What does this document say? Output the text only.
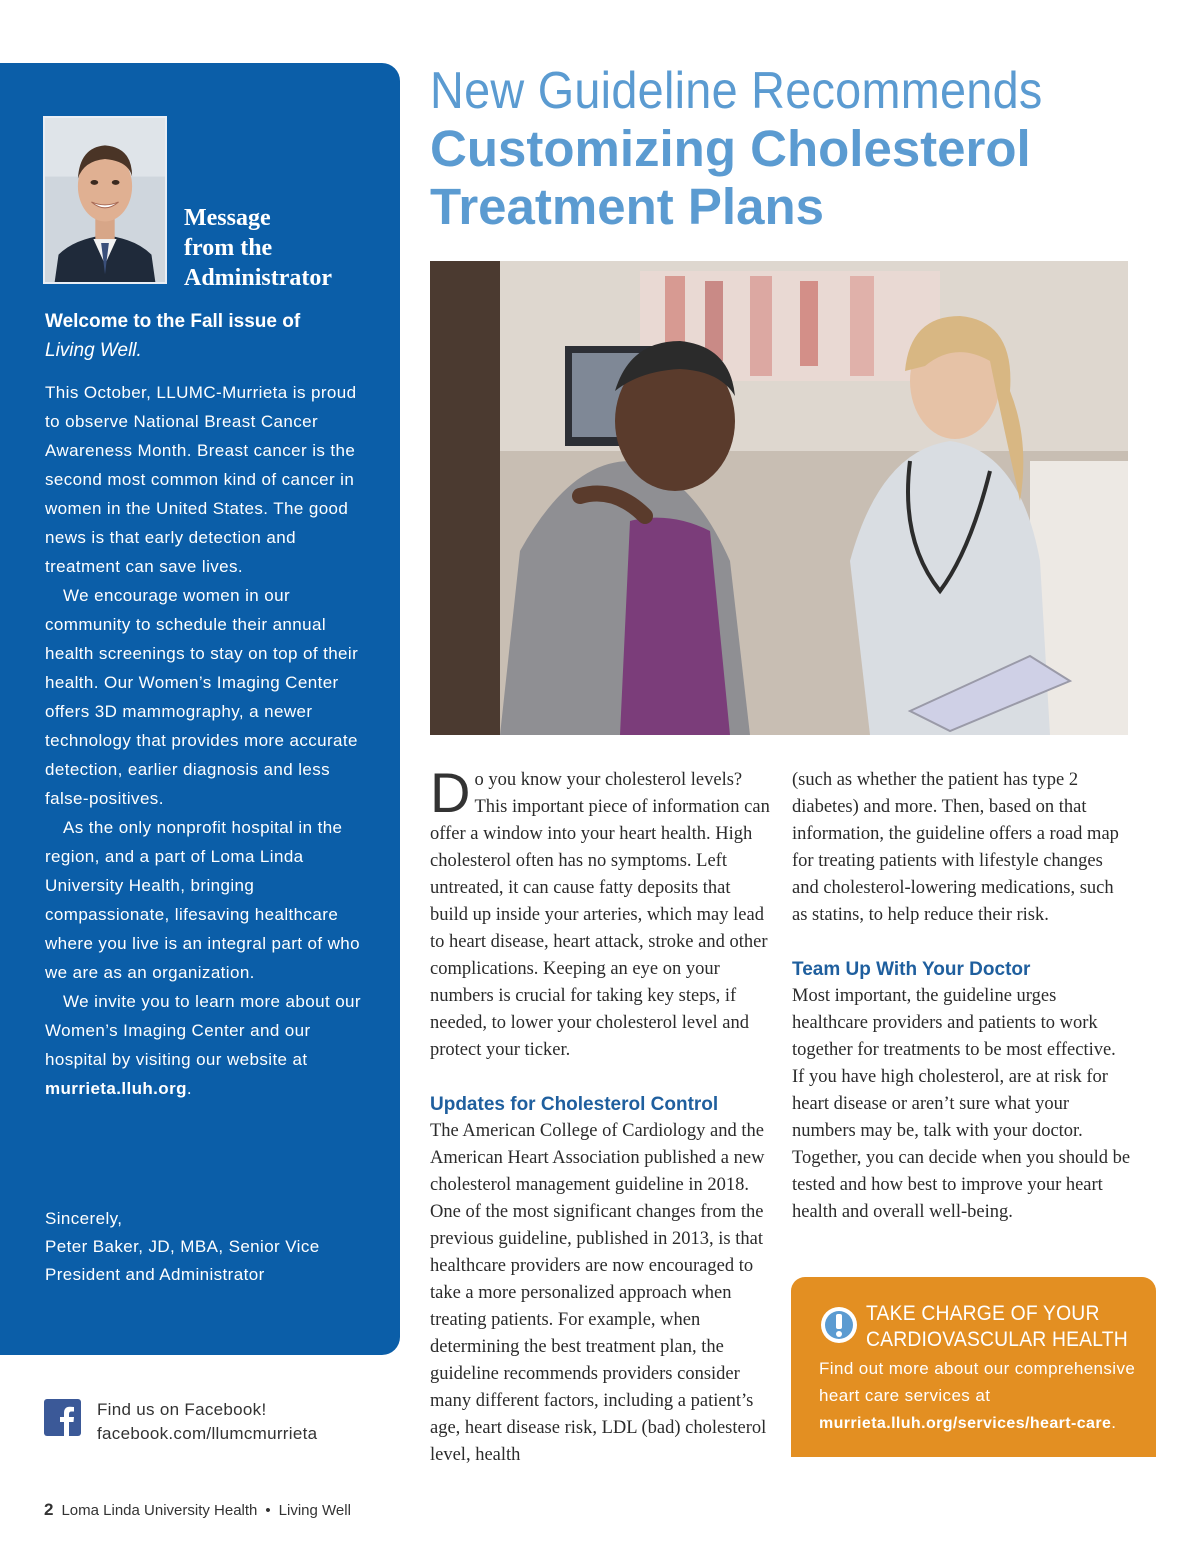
Message
from the
Administrator
Welcome to the Fall issue of
Living Well.

This October, LLUMC-Murrieta is proud to observe National Breast Cancer Awareness Month. Breast cancer is the second most common kind of cancer in women in the United States. The good news is that early detection and treatment can save lives.

We encourage women in our community to schedule their annual health screenings to stay on top of their health. Our Women’s Imaging Center offers 3D mammography, a newer technology that provides more accurate detection, earlier diagnosis and less false-positives.

As the only nonprofit hospital in the region, and a part of Loma Linda University Health, bringing compassionate, lifesaving healthcare where you live is an integral part of who we are as an organization.

We invite you to learn more about our Women’s Imaging Center and our hospital by visiting our website at murrieta.lluh.org.

Sincerely,
Peter Baker, JD, MBA, Senior Vice President and Administrator
Find us on Facebook!
facebook.com/llumcmurrieta
2 Loma Linda University Health • Living Well
New Guideline Recommends
Customizing Cholesterol
Treatment Plans

Do you know your cholesterol levels? This important piece of information can offer a window into your heart health. High cholesterol often has no symptoms. Left untreated, it can cause fatty deposits that build up inside your arteries, which may lead to heart disease, heart attack, stroke and other complications. Keeping an eye on your numbers is crucial for taking key steps, if needed, to lower your cholesterol level and protect your ticker.

Updates for Cholesterol Control

The American College of Cardiology and the American Heart Association published a new cholesterol management guideline in 2018. One of the most significant changes from the previous guideline, published in 2013, is that healthcare providers are now encouraged to take a more personalized approach when treating patients. For example, when determining the best treatment plan, the guideline recommends providers consider many different factors, including a patient’s age, heart disease risk, LDL (bad) cholesterol level, health

(such as whether the patient has type 2 diabetes) and more. Then, based on that information, the guideline offers a road map for treating patients with lifestyle changes and cholesterol-lowering medications, such as statins, to help reduce their risk.

Team Up With Your Doctor

Most important, the guideline urges healthcare providers and patients to work together for treatments to be most effective. If you have high cholesterol, are at risk for heart disease or aren’t sure what your numbers may be, talk with your doctor. Together, you can decide when you should be tested and how best to improve your heart health and overall well-being.

TAKE CHARGE OF YOUR
CARDIOVASCULAR HEALTH
Find out more about our comprehensive heart care services at murrieta.lluh.org/services/heart-care.
